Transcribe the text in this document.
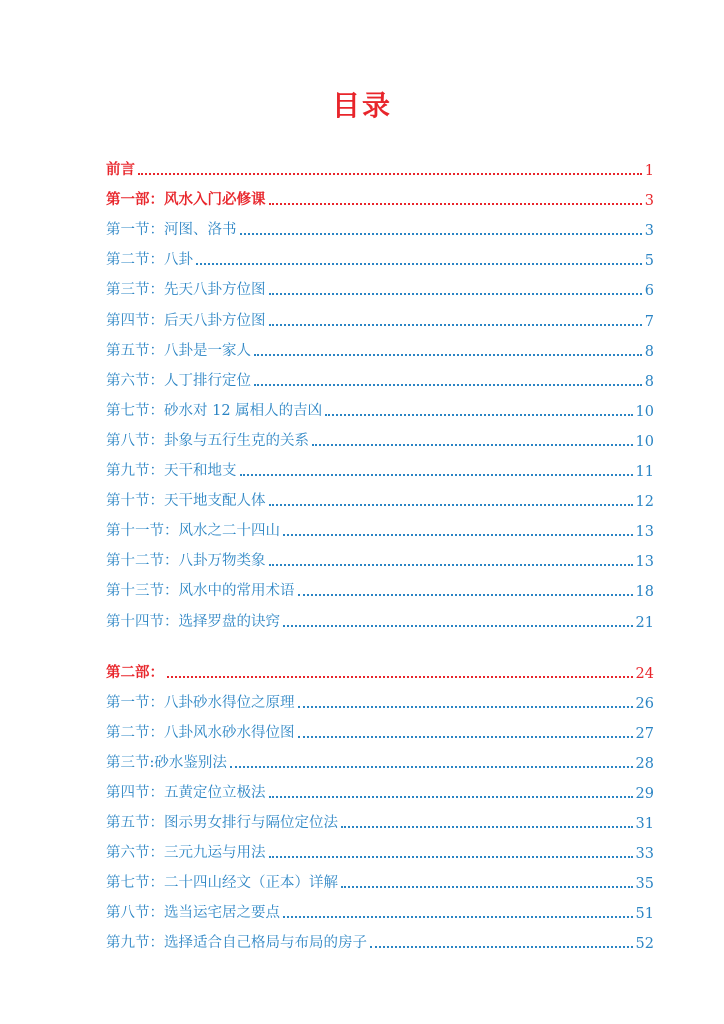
目录
前言	1
第一部：风水入门必修课	3
第一节：河图、洛书	3
第二节：八卦	5
第三节：先天八卦方位图	6
第四节：后天八卦方位图	7
第五节：八卦是一家人	8
第六节：人丁排行定位	8
第七节：砂水对 12 属相人的吉凶	10
第八节：卦象与五行生克的关系	10
第九节：天干和地支	11
第十节：天干地支配人体	12
第十一节：风水之二十四山	13
第十二节：八卦万物类象	13
第十三节：风水中的常用术语	18
第十四节：选择罗盘的诀窍	21
第二部：	24
第一节：八卦砂水得位之原理	26
第二节：八卦风水砂水得位图	27
第三节:砂水鉴别法	28
第四节：五黄定位立极法	29
第五节：图示男女排行与隔位定位法	31
第六节：三元九运与用法	33
第七节：二十四山经文（正本）详解	35
第八节：选当运宅居之要点	51
第九节：选择适合自己格局与布局的房子	52
